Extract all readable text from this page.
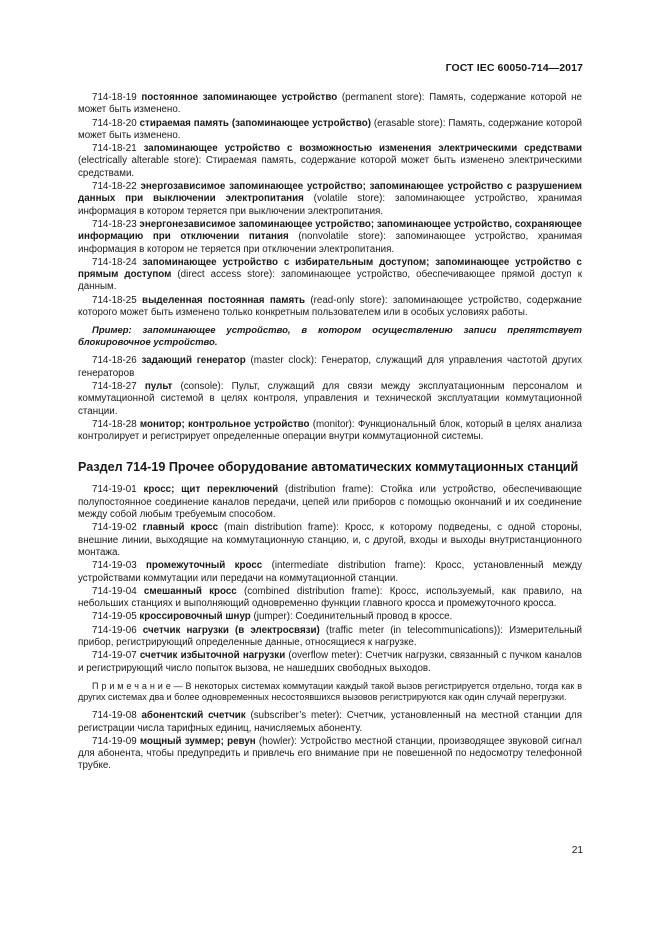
ГОСТ IEC 60050-714—2017

714-18-19 постоянное запоминающее устройство (permanent store): Память, содержание которой не может быть изменено.

714-18-20 стираемая память (запоминающее устройство) (erasable store): Память, содержание которой может быть изменено.

714-18-21 запоминающее устройство с возможностью изменения электрическими средствами (electrically alterable store): Стираемая память, содержание которой может быть изменено электрическими средствами.

714-18-22 энергозависимое запоминающее устройство; запоминающее устройство с разрушением данных при выключении электропитания (volatile store): запоминающее устройство, хранимая информация в котором теряется при выключении электропитания.

714-18-23 энергонезависимое запоминающее устройство; запоминающее устройство, сохраняющее информацию при отключении питания (nonvolatile store): запоминающее устройство, хранимая информация в котором не теряется при отключении электропитания.

714-18-24 запоминающее устройство с избирательным доступом; запоминающее устройство с прямым доступом (direct access store): запоминающее устройство, обеспечивающее прямой доступ к данным.

714-18-25 выделенная постоянная память (read-only store): запоминающее устройство, содержание которого может быть изменено только конкретным пользователем или в особых условиях работы.

Пример: запоминающее устройство, в котором осуществлению записи препятствует блокировочное устройство.

714-18-26 задающий генератор (master clock): Генератор, служащий для управления частотой других генераторов

714-18-27 пульт (console): Пульт, служащий для связи между эксплуатационным персоналом и коммутационной системой в целях контроля, управления и технической эксплуатации коммутационной станции.

714-18-28 монитор; контрольное устройство (monitor): Функциональный блок, который в целях анализа контролирует и регистрирует определенные операции внутри коммутационной системы.

Раздел 714-19 Прочее оборудование автоматических коммутационных станций

714-19-01 кросс; щит переключений (distribution frame): Стойка или устройство, обеспечивающие полупостоянное соединение каналов передачи, цепей или приборов с помощью окончаний и их соединение между собой любым требуемым способом.

714-19-02 главный кросс (main distribution frame): Кросс, к которому подведены, с одной стороны, внешние линии, выходящие на коммутационную станцию, и, с другой, входы и выходы внутристанционного монтажа.

714-19-03 промежуточный кросс (intermediate distribution frame): Кросс, установленный между устройствами коммутации или передачи на коммутационной станции.

714-19-04 смешанный кросс (combined distribution frame): Кросс, используемый, как правило, на небольших станциях и выполняющий одновременно функции главного кросса и промежуточного кросса.

714-19-05 кроссировочный шнур (jumper): Соединительный провод в кроссе.

714-19-06 счетчик нагрузки (в электросвязи) (traffic meter (in telecommunications)): Измерительный прибор, регистрирующий определенные данные, относящиеся к нагрузке.

714-19-07 счетчик избыточной нагрузки (overflow meter): Счетчик нагрузки, связанный с пучком каналов и регистрирующий число попыток вызова, не нашедших свободных выходов.

П р и м е ч а н и е — В некоторых системах коммутации каждый такой вызов регистрируется отдельно, тогда как в других системах два и более одновременных несостоявшихся вызовов регистрируются как один случай перегрузки.

714-19-08 абонентский счетчик (subscriber’s meter): Счетчик, установленный на местной станции для регистрации числа тарифных единиц, начисляемых абоненту.

714-19-09 мощный зуммер; ревун (howler): Устройство местной станции, производящее звуковой сигнал для абонента, чтобы предупредить и привлечь его внимание при не повешенной по недосмотру телефонной трубке.

21
